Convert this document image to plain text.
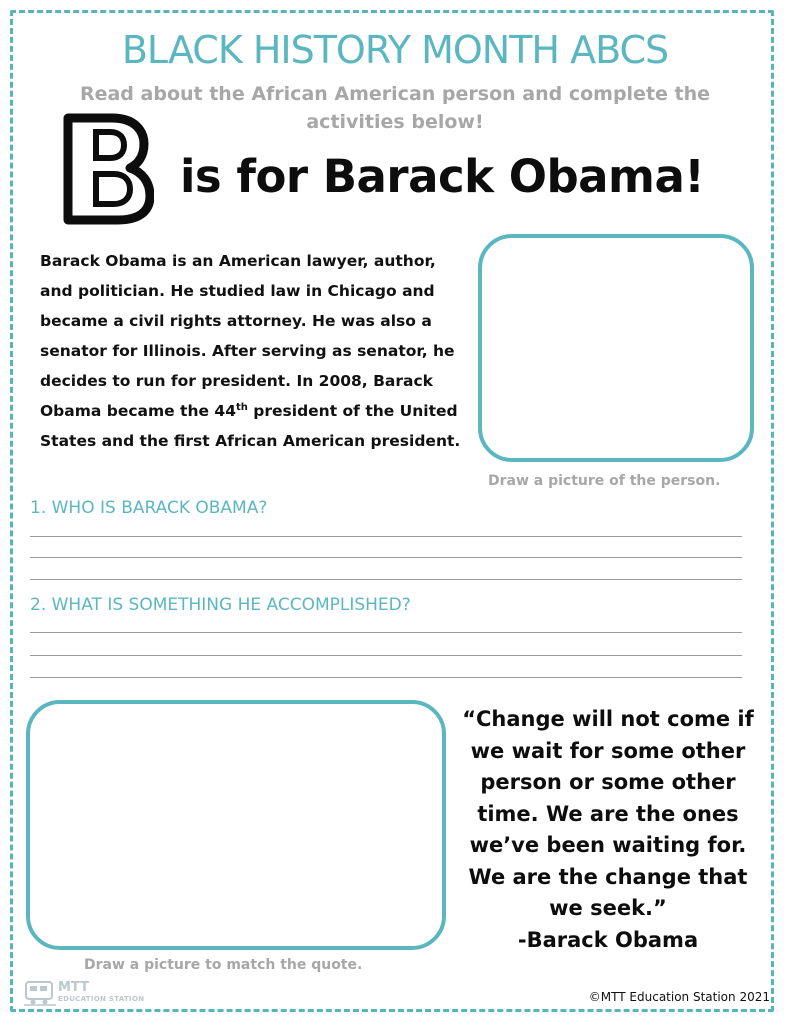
BLACK HISTORY MONTH ABCS
Read about the African American person and complete the activities below!
is for Barack Obama!
Barack Obama is an American lawyer, author, and politician. He studied law in Chicago and became a civil rights attorney. He was also a senator for Illinois. After serving as senator, he decides to run for president. In 2008, Barack Obama became the 44th president of the United States and the first African American president.
Draw a picture of the person.
1. WHO IS BARACK OBAMA?
2. WHAT IS SOMETHING HE ACCOMPLISHED?
Draw a picture to match the quote.
“Change will not come if we wait for some other person or some other time. We are the ones we’ve been waiting for. We are the change that we seek.”
-Barack Obama
MTT
EDUCATION STATION	©MTT Education Station 2021
